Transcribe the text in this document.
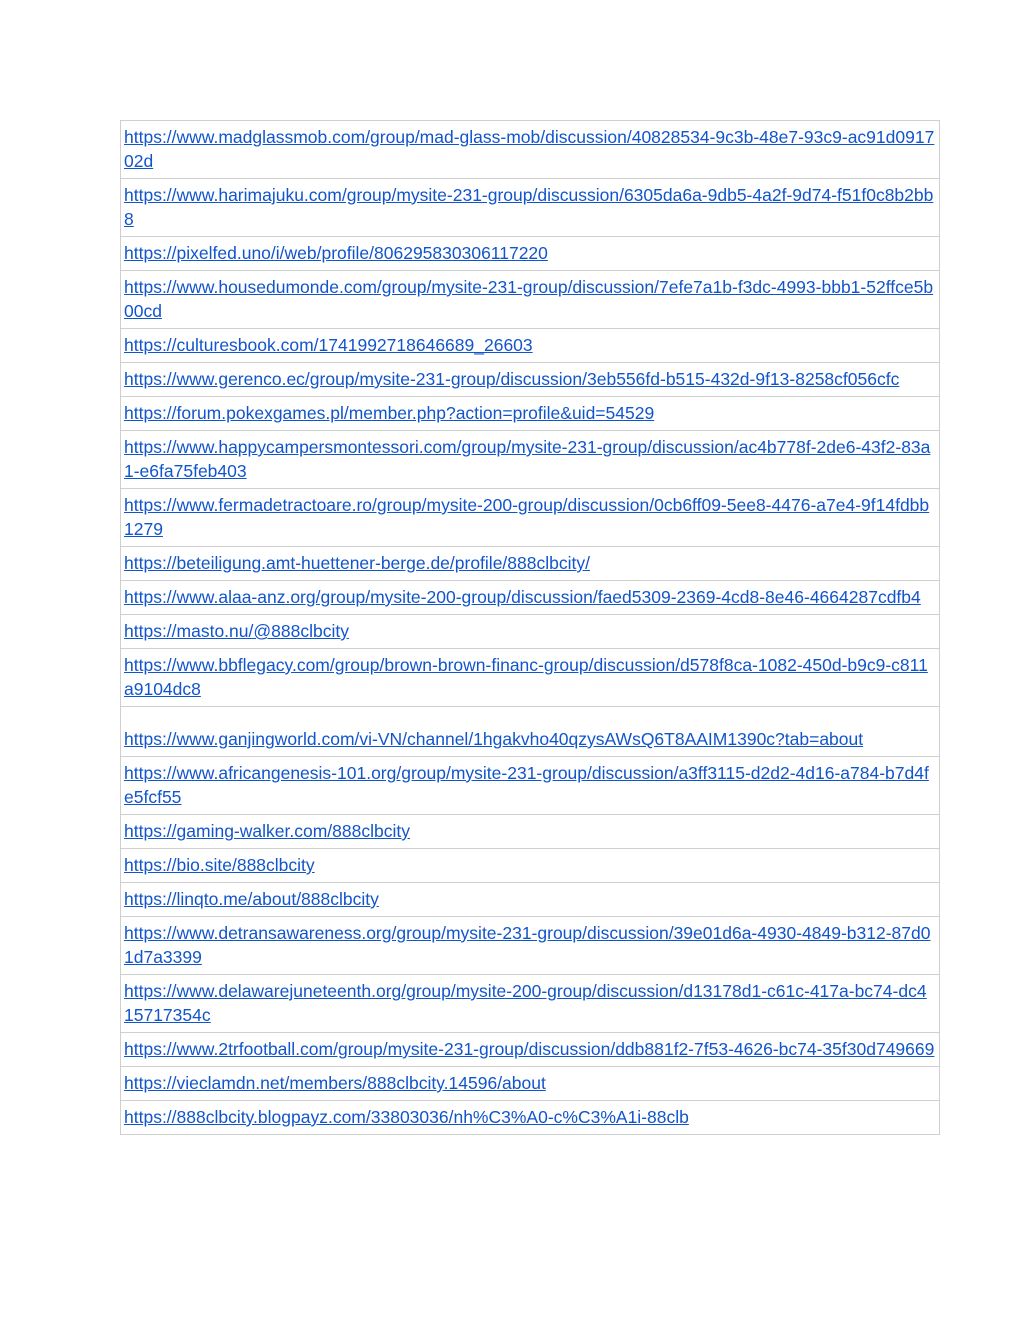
https://www.madglassmob.com/group/mad-glass-mob/discussion/40828534-9c3b-48e7-93c9-ac91d091702d
https://www.harimajuku.com/group/mysite-231-group/discussion/6305da6a-9db5-4a2f-9d74-f51f0c8b2bb8
https://pixelfed.uno/i/web/profile/806295830306117220
https://www.housedumonde.com/group/mysite-231-group/discussion/7efe7a1b-f3dc-4993-bbb1-52ffce5b00cd
https://culturesbook.com/1741992718646689_26603
https://www.gerenco.ec/group/mysite-231-group/discussion/3eb556fd-b515-432d-9f13-8258cf056cfc
https://forum.pokexgames.pl/member.php?action=profile&uid=54529
https://www.happycampersmontessori.com/group/mysite-231-group/discussion/ac4b778f-2de6-43f2-83a1-e6fa75feb403
https://www.fermadetractoare.ro/group/mysite-200-group/discussion/0cb6ff09-5ee8-4476-a7e4-9f14fdbb1279
https://beteiligung.amt-huettener-berge.de/profile/888clbcity/
https://www.alaa-anz.org/group/mysite-200-group/discussion/faed5309-2369-4cd8-8e46-4664287cdfb4
https://masto.nu/@888clbcity
https://www.bbflegacy.com/group/brown-brown-financ-group/discussion/d578f8ca-1082-450d-b9c9-c811a9104dc8
https://www.ganjingworld.com/vi-VN/channel/1hgakvho40qzysAWsQ6T8AAIM1390c?tab=about
https://www.africangenesis-101.org/group/mysite-231-group/discussion/a3ff3115-d2d2-4d16-a784-b7d4fe5fcf55
https://gaming-walker.com/888clbcity
https://bio.site/888clbcity
https://linqto.me/about/888clbcity
https://www.detransawareness.org/group/mysite-231-group/discussion/39e01d6a-4930-4849-b312-87d01d7a3399
https://www.delawarejuneteenth.org/group/mysite-200-group/discussion/d13178d1-c61c-417a-bc74-dc415717354c
https://www.2trfootball.com/group/mysite-231-group/discussion/ddb881f2-7f53-4626-bc74-35f30d749669
https://vieclamdn.net/members/888clbcity.14596/about
https://888clbcity.blogpayz.com/33803036/nh%C3%A0-c%C3%A1i-88clb
